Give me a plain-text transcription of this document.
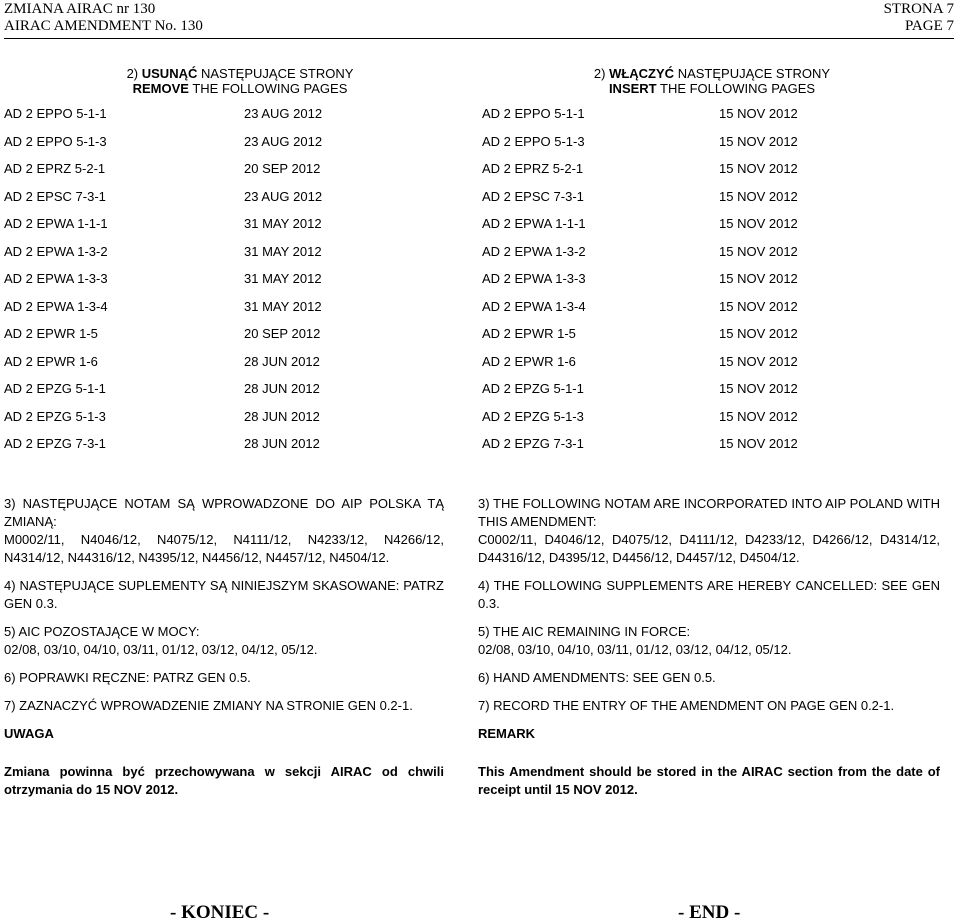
ZMIANA AIRAC nr 130
AIRAC AMENDMENT No. 130
STRONA 7
PAGE 7
2) USUNĄĆ NASTĘPUJĄCE STRONY
REMOVE THE FOLLOWING PAGES
2) WŁĄCZYĆ NASTĘPUJĄCE STRONY
INSERT THE FOLLOWING PAGES
AD 2 EPPO 5-1-1	23 AUG 2012
AD 2 EPPO 5-1-3	23 AUG 2012
AD 2 EPRZ 5-2-1	20 SEP 2012
AD 2 EPSC 7-3-1	23 AUG 2012
AD 2 EPWA 1-1-1	31 MAY 2012
AD 2 EPWA 1-3-2	31 MAY 2012
AD 2 EPWA 1-3-3	31 MAY 2012
AD 2 EPWA 1-3-4	31 MAY 2012
AD 2 EPWR 1-5	20 SEP 2012
AD 2 EPWR 1-6	28 JUN 2012
AD 2 EPZG 5-1-1	28 JUN 2012
AD 2 EPZG 5-1-3	28 JUN 2012
AD 2 EPZG 7-3-1	28 JUN 2012
AD 2 EPPO 5-1-1	15 NOV 2012
AD 2 EPPO 5-1-3	15 NOV 2012
AD 2 EPRZ 5-2-1	15 NOV 2012
AD 2 EPSC 7-3-1	15 NOV 2012
AD 2 EPWA 1-1-1	15 NOV 2012
AD 2 EPWA 1-3-2	15 NOV 2012
AD 2 EPWA 1-3-3	15 NOV 2012
AD 2 EPWA 1-3-4	15 NOV 2012
AD 2 EPWR 1-5	15 NOV 2012
AD 2 EPWR 1-6	15 NOV 2012
AD 2 EPZG 5-1-1	15 NOV 2012
AD 2 EPZG 5-1-3	15 NOV 2012
AD 2 EPZG 7-3-1	15 NOV 2012
3) NASTĘPUJĄCE NOTAM SĄ WPROWADZONE DO AIP POLSKA TĄ ZMIANĄ:
M0002/11, N4046/12, N4075/12, N4111/12, N4233/12, N4266/12, N4314/12, N44316/12, N4395/12, N4456/12, N4457/12, N4504/12.
4) NASTĘPUJĄCE SUPLEMENTY SĄ NINIEJSZYM SKASOWANE: PATRZ GEN 0.3.
5) AIC POZOSTAJĄCE W MOCY:
02/08, 03/10, 04/10, 03/11, 01/12, 03/12, 04/12, 05/12.
6) POPRAWKI RĘCZNE: PATRZ GEN 0.5.
7) ZAZNACZYĆ WPROWADZENIE ZMIANY NA STRONIE GEN 0.2-1.
UWAGA
Zmiana powinna być przechowywana w sekcji AIRAC od chwili otrzymania do 15 NOV 2012.
3) THE FOLLOWING NOTAM ARE INCORPORATED INTO AIP POLAND WITH THIS AMENDMENT:
C0002/11, D4046/12, D4075/12, D4111/12, D4233/12, D4266/12, D4314/12, D44316/12, D4395/12, D4456/12, D4457/12, D4504/12.
4) THE FOLLOWING SUPPLEMENTS ARE HEREBY CANCELLED: SEE GEN 0.3.
5) THE AIC REMAINING IN FORCE:
02/08, 03/10, 04/10, 03/11, 01/12, 03/12, 04/12, 05/12.
6) HAND AMENDMENTS: SEE GEN 0.5.
7) RECORD THE ENTRY OF THE AMENDMENT ON PAGE GEN 0.2-1.
REMARK
This Amendment should be stored in the AIRAC section from the date of receipt until 15 NOV 2012.
- KONIEC -	- END -
